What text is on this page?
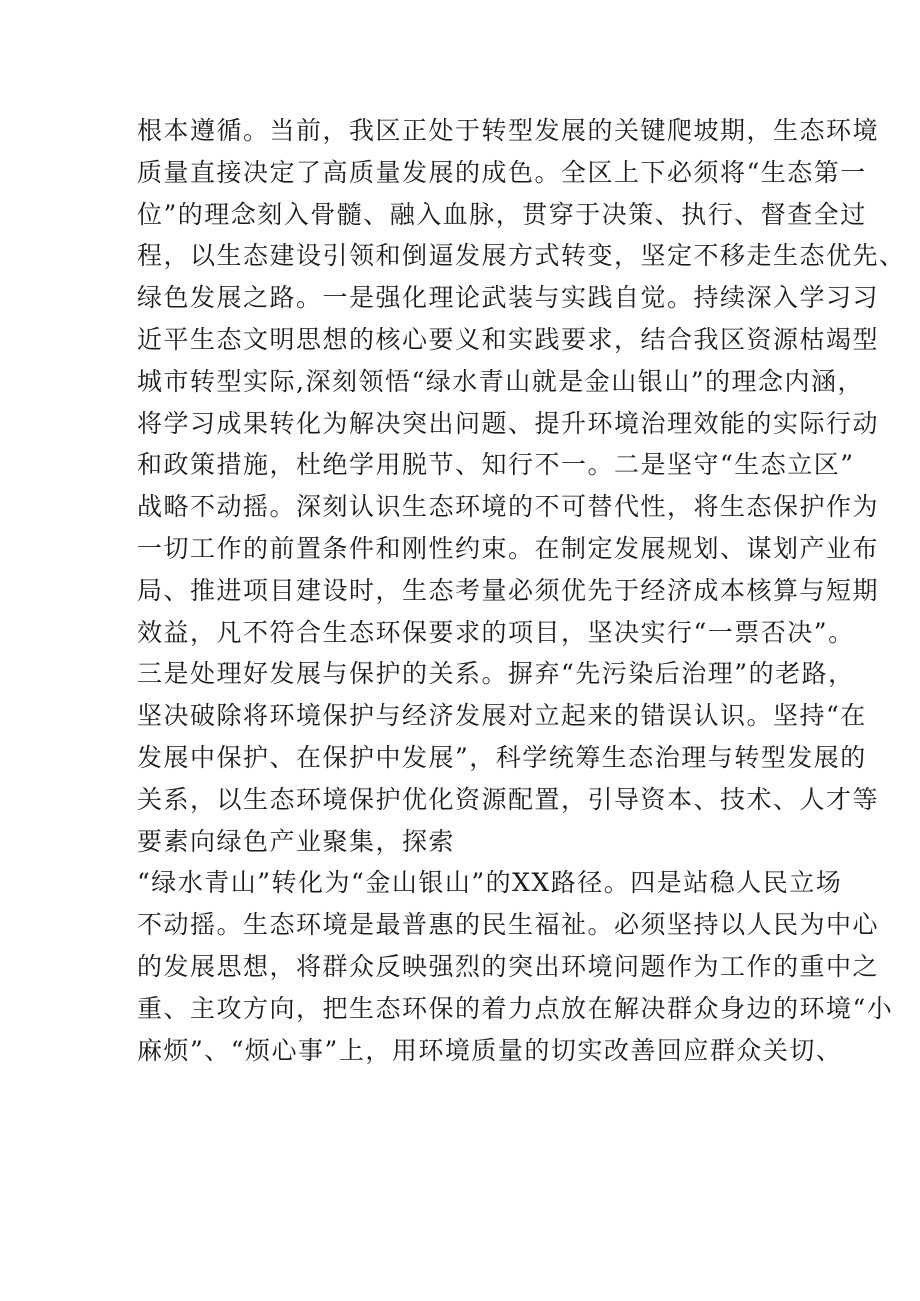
根本遵循。当前，我区正处于转型发展的关键爬坡期，生态环境
质量直接决定了高质量发展的成色。全区上下必须将“生态第一
位”的理念刻入骨髓、融入血脉，贯穿于决策、执行、督查全过
程，以生态建设引领和倒逼发展方式转变，坚定不移走生态优先、
绿色发展之路。一是强化理论武装与实践自觉。持续深入学习习
近平生态文明思想的核心要义和实践要求，结合我区资源枯竭型
城市转型实际,深刻领悟“绿水青山就是金山银山”的理念内涵，
将学习成果转化为解决突出问题、提升环境治理效能的实际行动
和政策措施，杜绝学用脱节、知行不一。二是坚守“生态立区”
战略不动摇。深刻认识生态环境的不可替代性，将生态保护作为
一切工作的前置条件和刚性约束。在制定发展规划、谋划产业布
局、推进项目建设时，生态考量必须优先于经济成本核算与短期
效益，凡不符合生态环保要求的项目，坚决实行“一票否决”。
三是处理好发展与保护的关系。摒弃“先污染后治理”的老路，
坚决破除将环境保护与经济发展对立起来的错误认识。坚持“在
发展中保护、在保护中发展”，科学统筹生态治理与转型发展的
关系，以生态环境保护优化资源配置，引导资本、技术、人才等
要素向绿色产业聚集，探索
“绿水青山”转化为“金山银山”的XX路径。四是站稳人民立场
不动摇。生态环境是最普惠的民生福祉。必须坚持以人民为中心
的发展思想，将群众反映强烈的突出环境问题作为工作的重中之
重、主攻方向，把生态环保的着力点放在解决群众身边的环境“小
麻烦”、“烦心事”上，用环境质量的切实改善回应群众关切、
